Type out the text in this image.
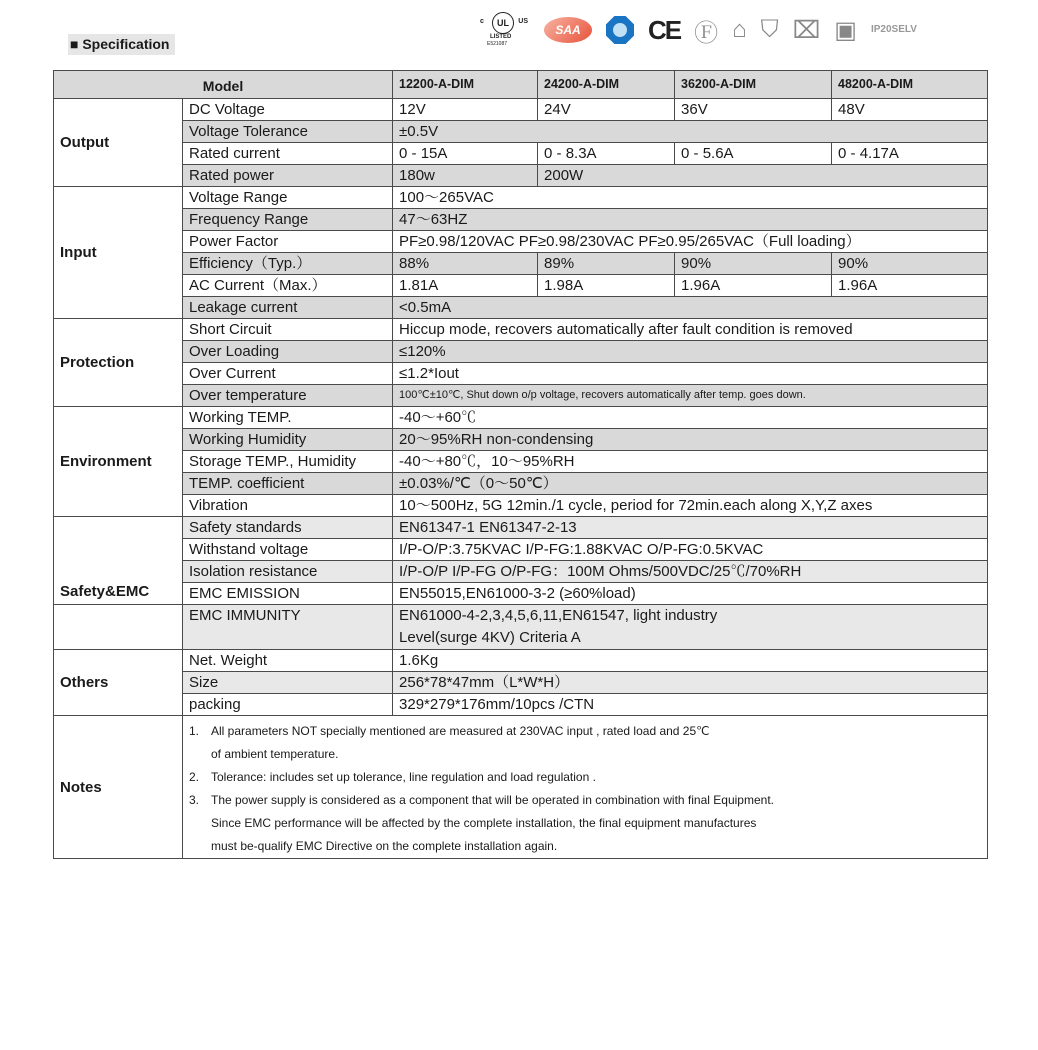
■ Specification
c	UL	US
LISTED
E521087
SAA	CE Ⓕ ⌂ ⛉ ⌧ ▣ IP20 SELV
Model		12200-A-DIM	24200-A-DIM	36200-A-DIM	48200-A-DIM
Output	DC Voltage	12V	24V	36V	48V
	Voltage Tolerance	±0.5V			
	Rated current	0 - 15A	0 - 8.3A	0 - 5.6A	0 - 4.17A
	Rated power	180w	200W		
Input	Voltage Range	100～265VAC			
	Frequency Range	47～63HZ			
	Power Factor	PF≥0.98/120VAC PF≥0.98/230VAC PF≥0.95/265VAC（Full loading）			
	Efficiency（Typ.）	88%	89%	90%	90%
	AC Current（Max.）	1.81A	1.98A	1.96A	1.96A
	Leakage current	<0.5mA			
Protection	Short Circuit	Hiccup mode, recovers automatically after fault condition is removed			
	Over Loading	≤120%			
	Over Current	≤1.2*Iout			
	Over temperature	100℃±10℃, Shut down o/p voltage, recovers automatically after temp. goes down.			
Environment	Working TEMP.	-40～+60℃			
	Working Humidity	20～95%RH non-condensing			
	Storage TEMP., Humidity	-40～+80℃，10～95%RH			
	TEMP. coefficient	±0.03%/℃（0～50℃）			
	Vibration	10～500Hz, 5G 12min./1 cycle, period for 72min.each along X,Y,Z axes			
Safety&EMC	Safety standards	EN61347-1 EN61347-2-13			
	Withstand voltage	I/P-O/P:3.75KVAC I/P-FG:1.88KVAC O/P-FG:0.5KVAC			
	Isolation resistance	I/P-O/P I/P-FG O/P-FG：100M Ohms/500VDC/25℃/70%RH			
	EMC EMISSION	EN55015,EN61000-3-2 (≥60%load)			
	EMC IMMUNITY	EN61000-4-2,3,4,5,6,11,EN61547, light industry
Level(surge 4KV) Criteria A			

Others	Net. Weight	1.6Kg			
	Size	256*78*47mm（L*W*H）			
	packing	329*279*176mm/10pcs /CTN			
Notes	
1. All parameters NOT specially mentioned are measured at 230VAC input , rated load and 25℃
of ambient temperature.
2. Tolerance: includes set up tolerance, line regulation and load regulation .
3. The power supply is considered as a component that will be operated in combination with final Equipment.
Since EMC performance will be affected by the complete installation, the final equipment manufactures
must be-qualify EMC Directive on the complete installation again.
